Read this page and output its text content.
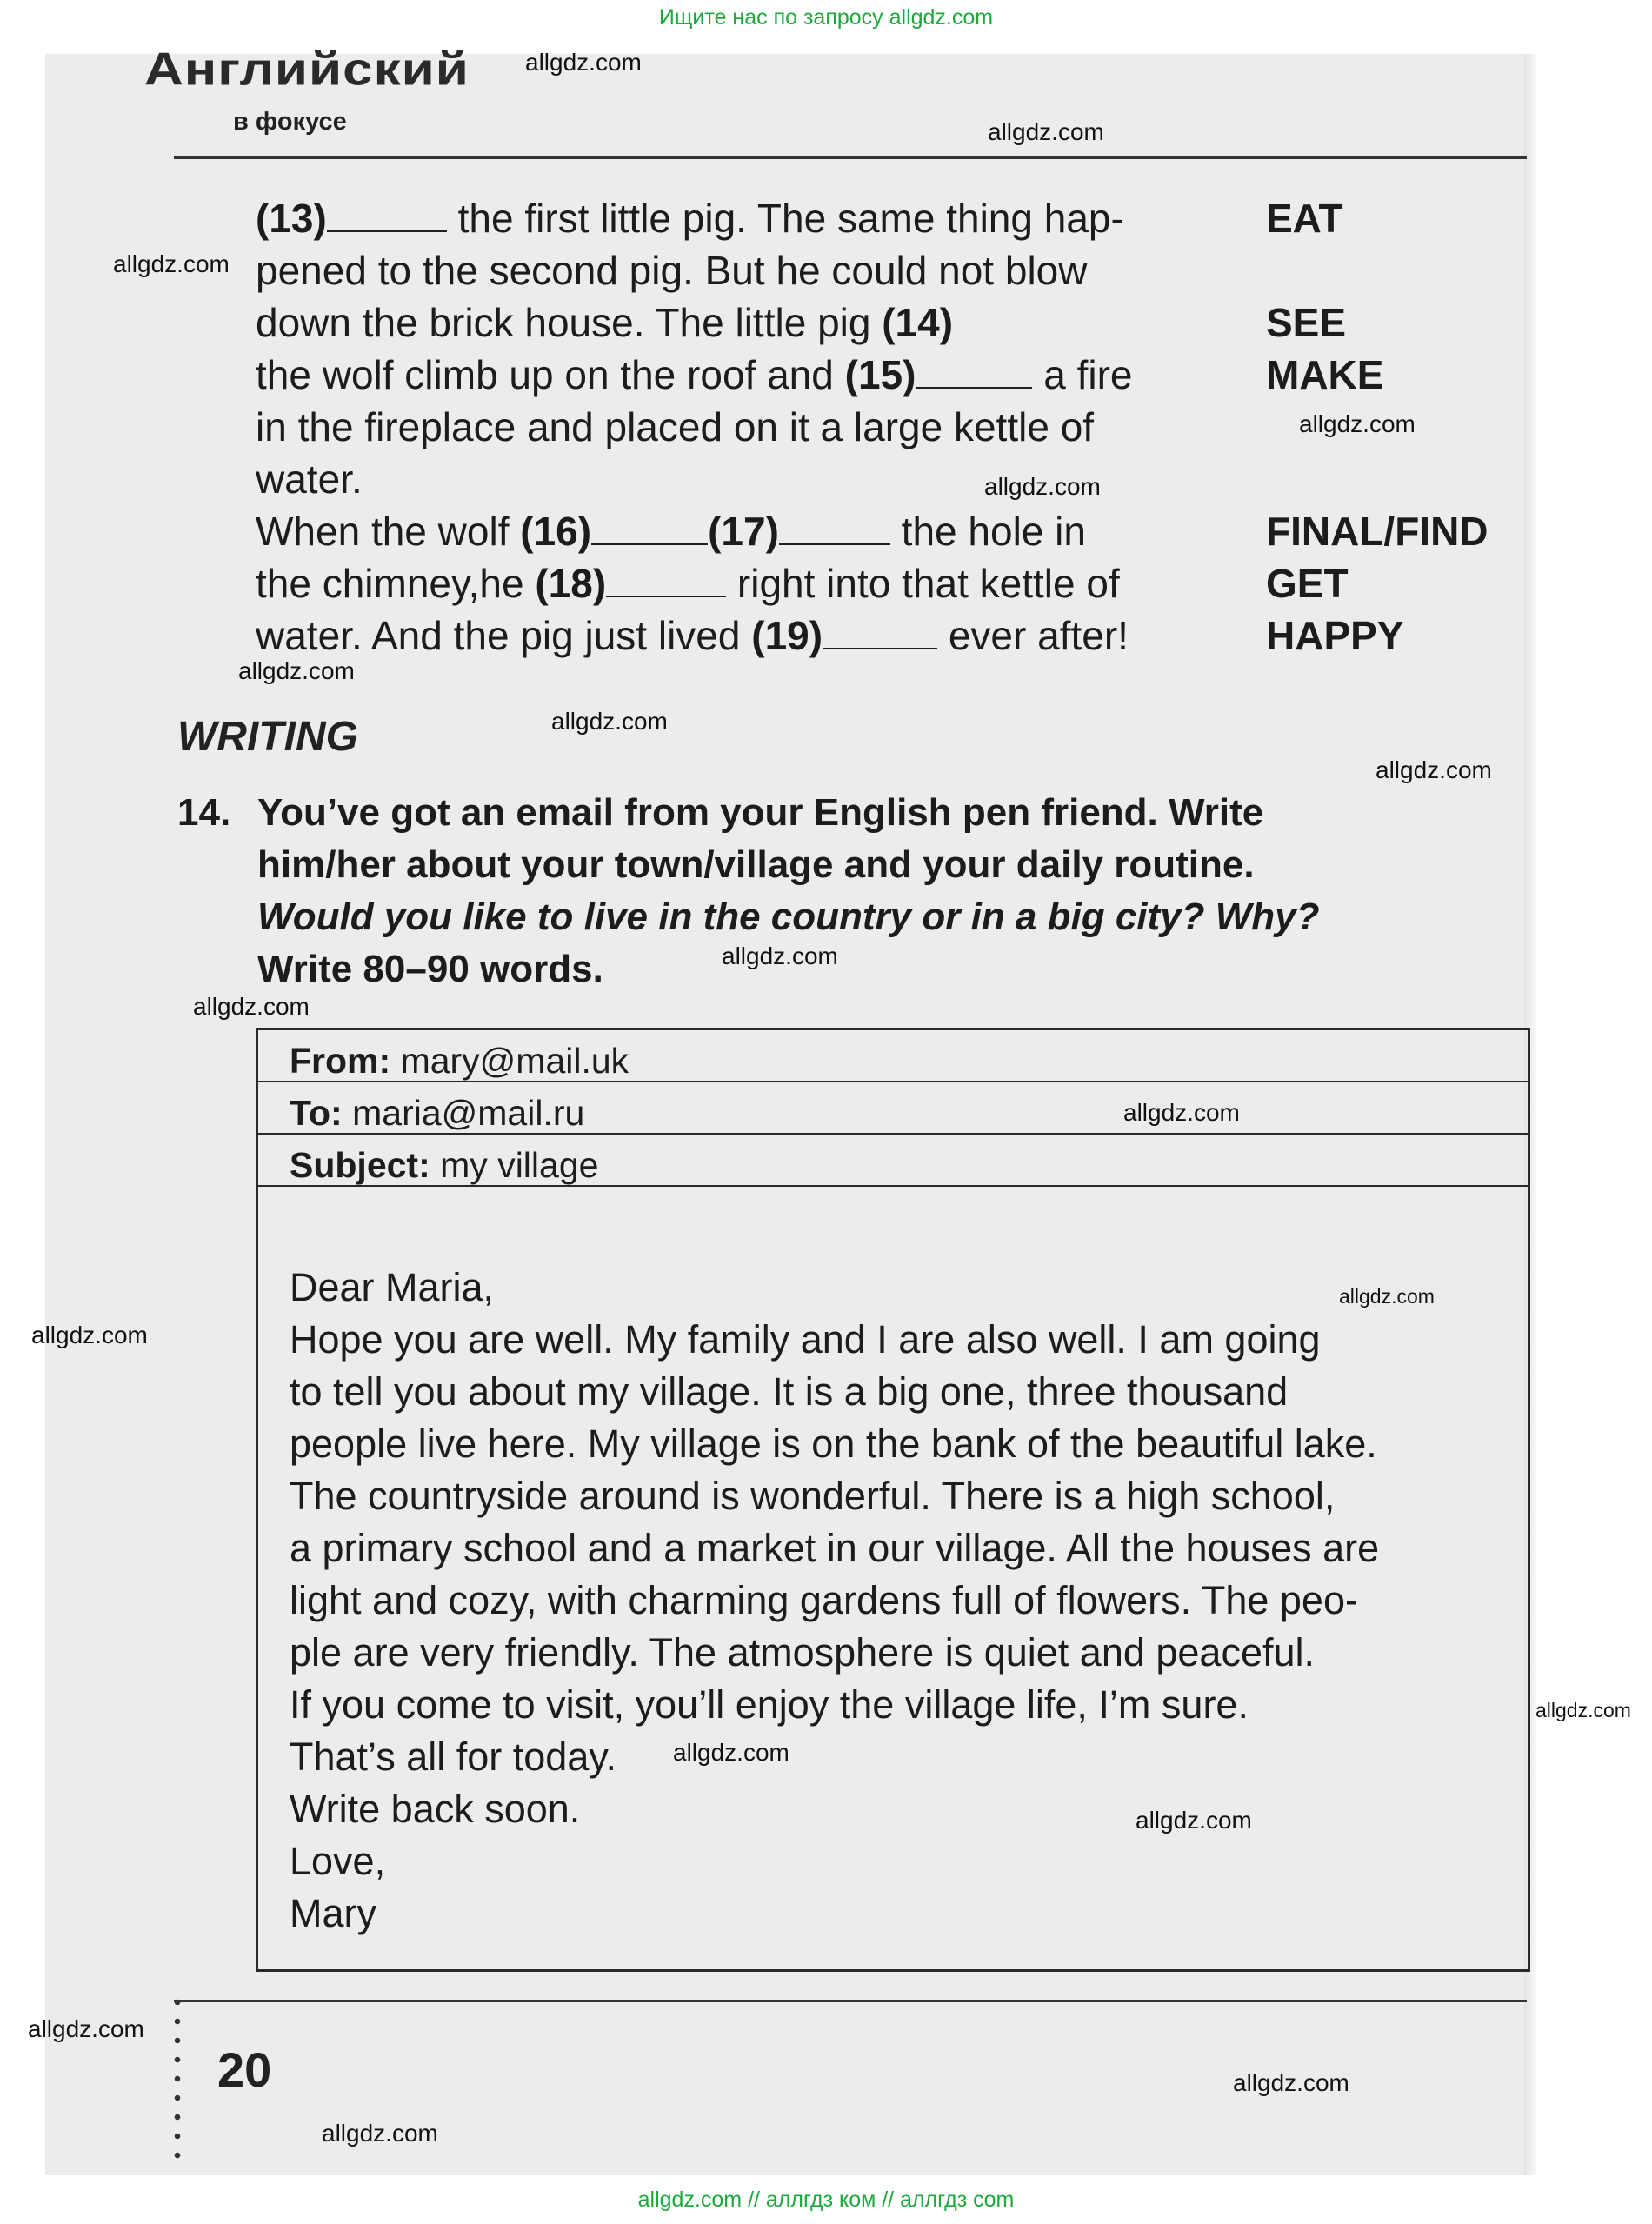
Ищите нас по запросу allgdz.com
Английский
в фокусе
(13)	the first little pig. The same thing hap-
pened to the second pig. But he could not blow
down the brick house. The little pig (14)
the wolf climb up on the roof and (15)	a fire
in the fireplace and placed on it a large kettle of
water.
When the wolf (16)	(17)	the hole in
the chimney,he (18)	right into that kettle of
water. And the pig just lived (19)	ever after!
EAT
SEE
MAKE
FINAL/FIND
GET
HAPPY
WRITING
14. You’ve got an email from your English pen friend. Write
him/her about your town/village and your daily routine.
Would you like to live in the country or in a big city? Why?
Write 80–90 words.
From: mary@mail.uk
To: maria@mail.ru
Subject: my village
Dear Maria,
Hope you are well. My family and I are also well. I am going
to tell you about my village. It is a big one, three thousand
people live here. My village is on the bank of the beautiful lake.
The countryside around is wonderful. There is a high school,
a primary school and a market in our village. All the houses are
light and cozy, with charming gardens full of flowers. The peo-
ple are very friendly. The atmosphere is quiet and peaceful.
If you come to visit, you’ll enjoy the village life, I’m sure.
That’s all for today.
Write back soon.
Love,
Mary
20
allgdz.com
allgdz.com
allgdz.com
allgdz.com
allgdz.com
allgdz.com
allgdz.com
allgdz.com
allgdz.com
allgdz.com
allgdz.com
allgdz.com
allgdz.com
allgdz.com
allgdz.com
allgdz.com
allgdz.com
allgdz.com
allgdz.com
allgdz.com // аллгдз ком // аллгдз com
